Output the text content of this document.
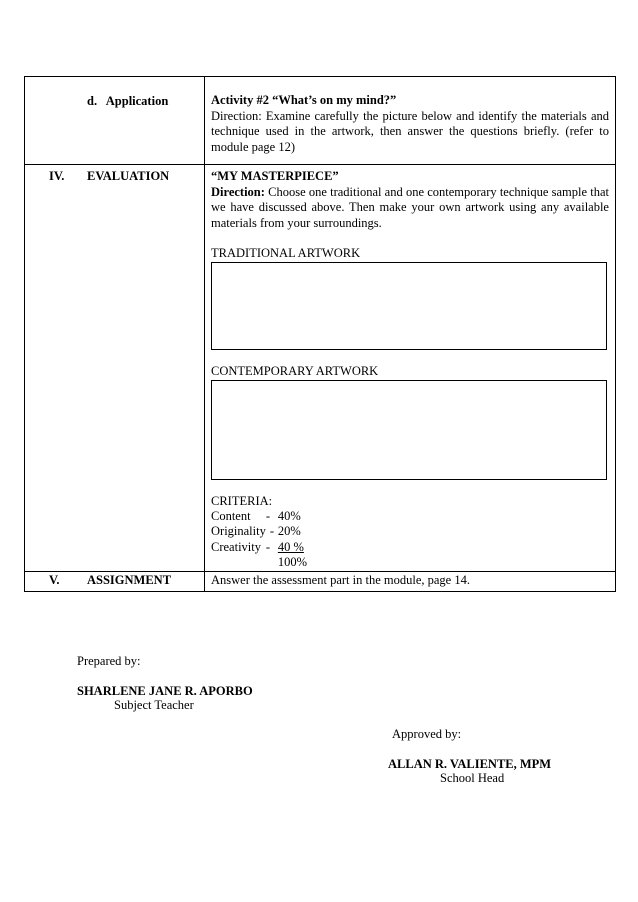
d.   Application	Activity #2 “What’s on my mind?”
Direction: Examine carefully the picture below and identify the materials and technique used in the artwork, then answer the questions briefly. (refer to module page 12)
IV. EVALUATION	“MY MASTERPIECE”
Direction: Choose one traditional and one contemporary technique sample that we have discussed above. Then make your own artwork using any available materials from your surroundings.
TRADITIONAL ARTWORK
CONTEMPORARY ARTWORK
CRITERIA:
Content	-	40%
Originality	-	20%
Creativity	-	40 %
		100%
V. ASSIGNMENT	Answer the assessment part in the module, page 14.
Prepared by:
SHARLENE JANE R. APORBO
Subject Teacher
Approved by:
ALLAN R. VALIENTE, MPM
School Head
